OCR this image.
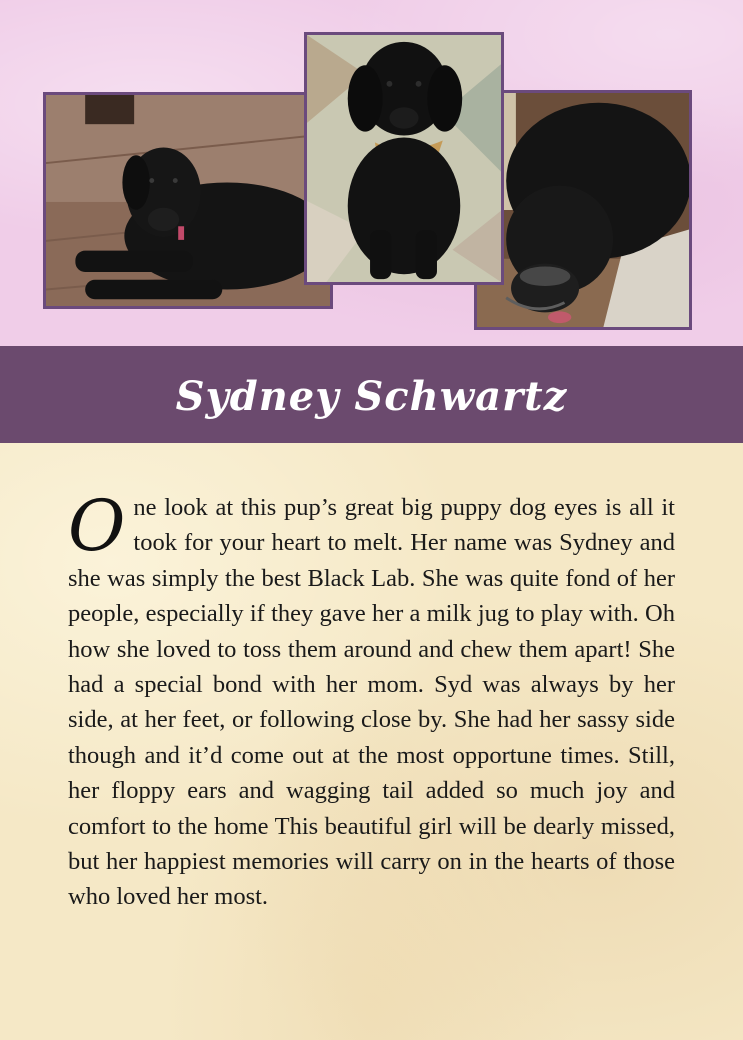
Sydney Schwartz
One look at this pup’s great big puppy dog eyes is all it took for your heart to melt. Her name was Sydney and she was simply the best Black Lab. She was quite fond of her people, especially if they gave her a milk jug to play with. Oh how she loved to toss them around and chew them apart! She had a special bond with her mom. Syd was always by her side, at her feet, or following close by. She had her sassy side though and it’d come out at the most opportune times. Still, her floppy ears and wagging tail added so much joy and comfort to the home This beautiful girl will be dearly missed, but her happiest memories will carry on in the hearts of those who loved her most.
